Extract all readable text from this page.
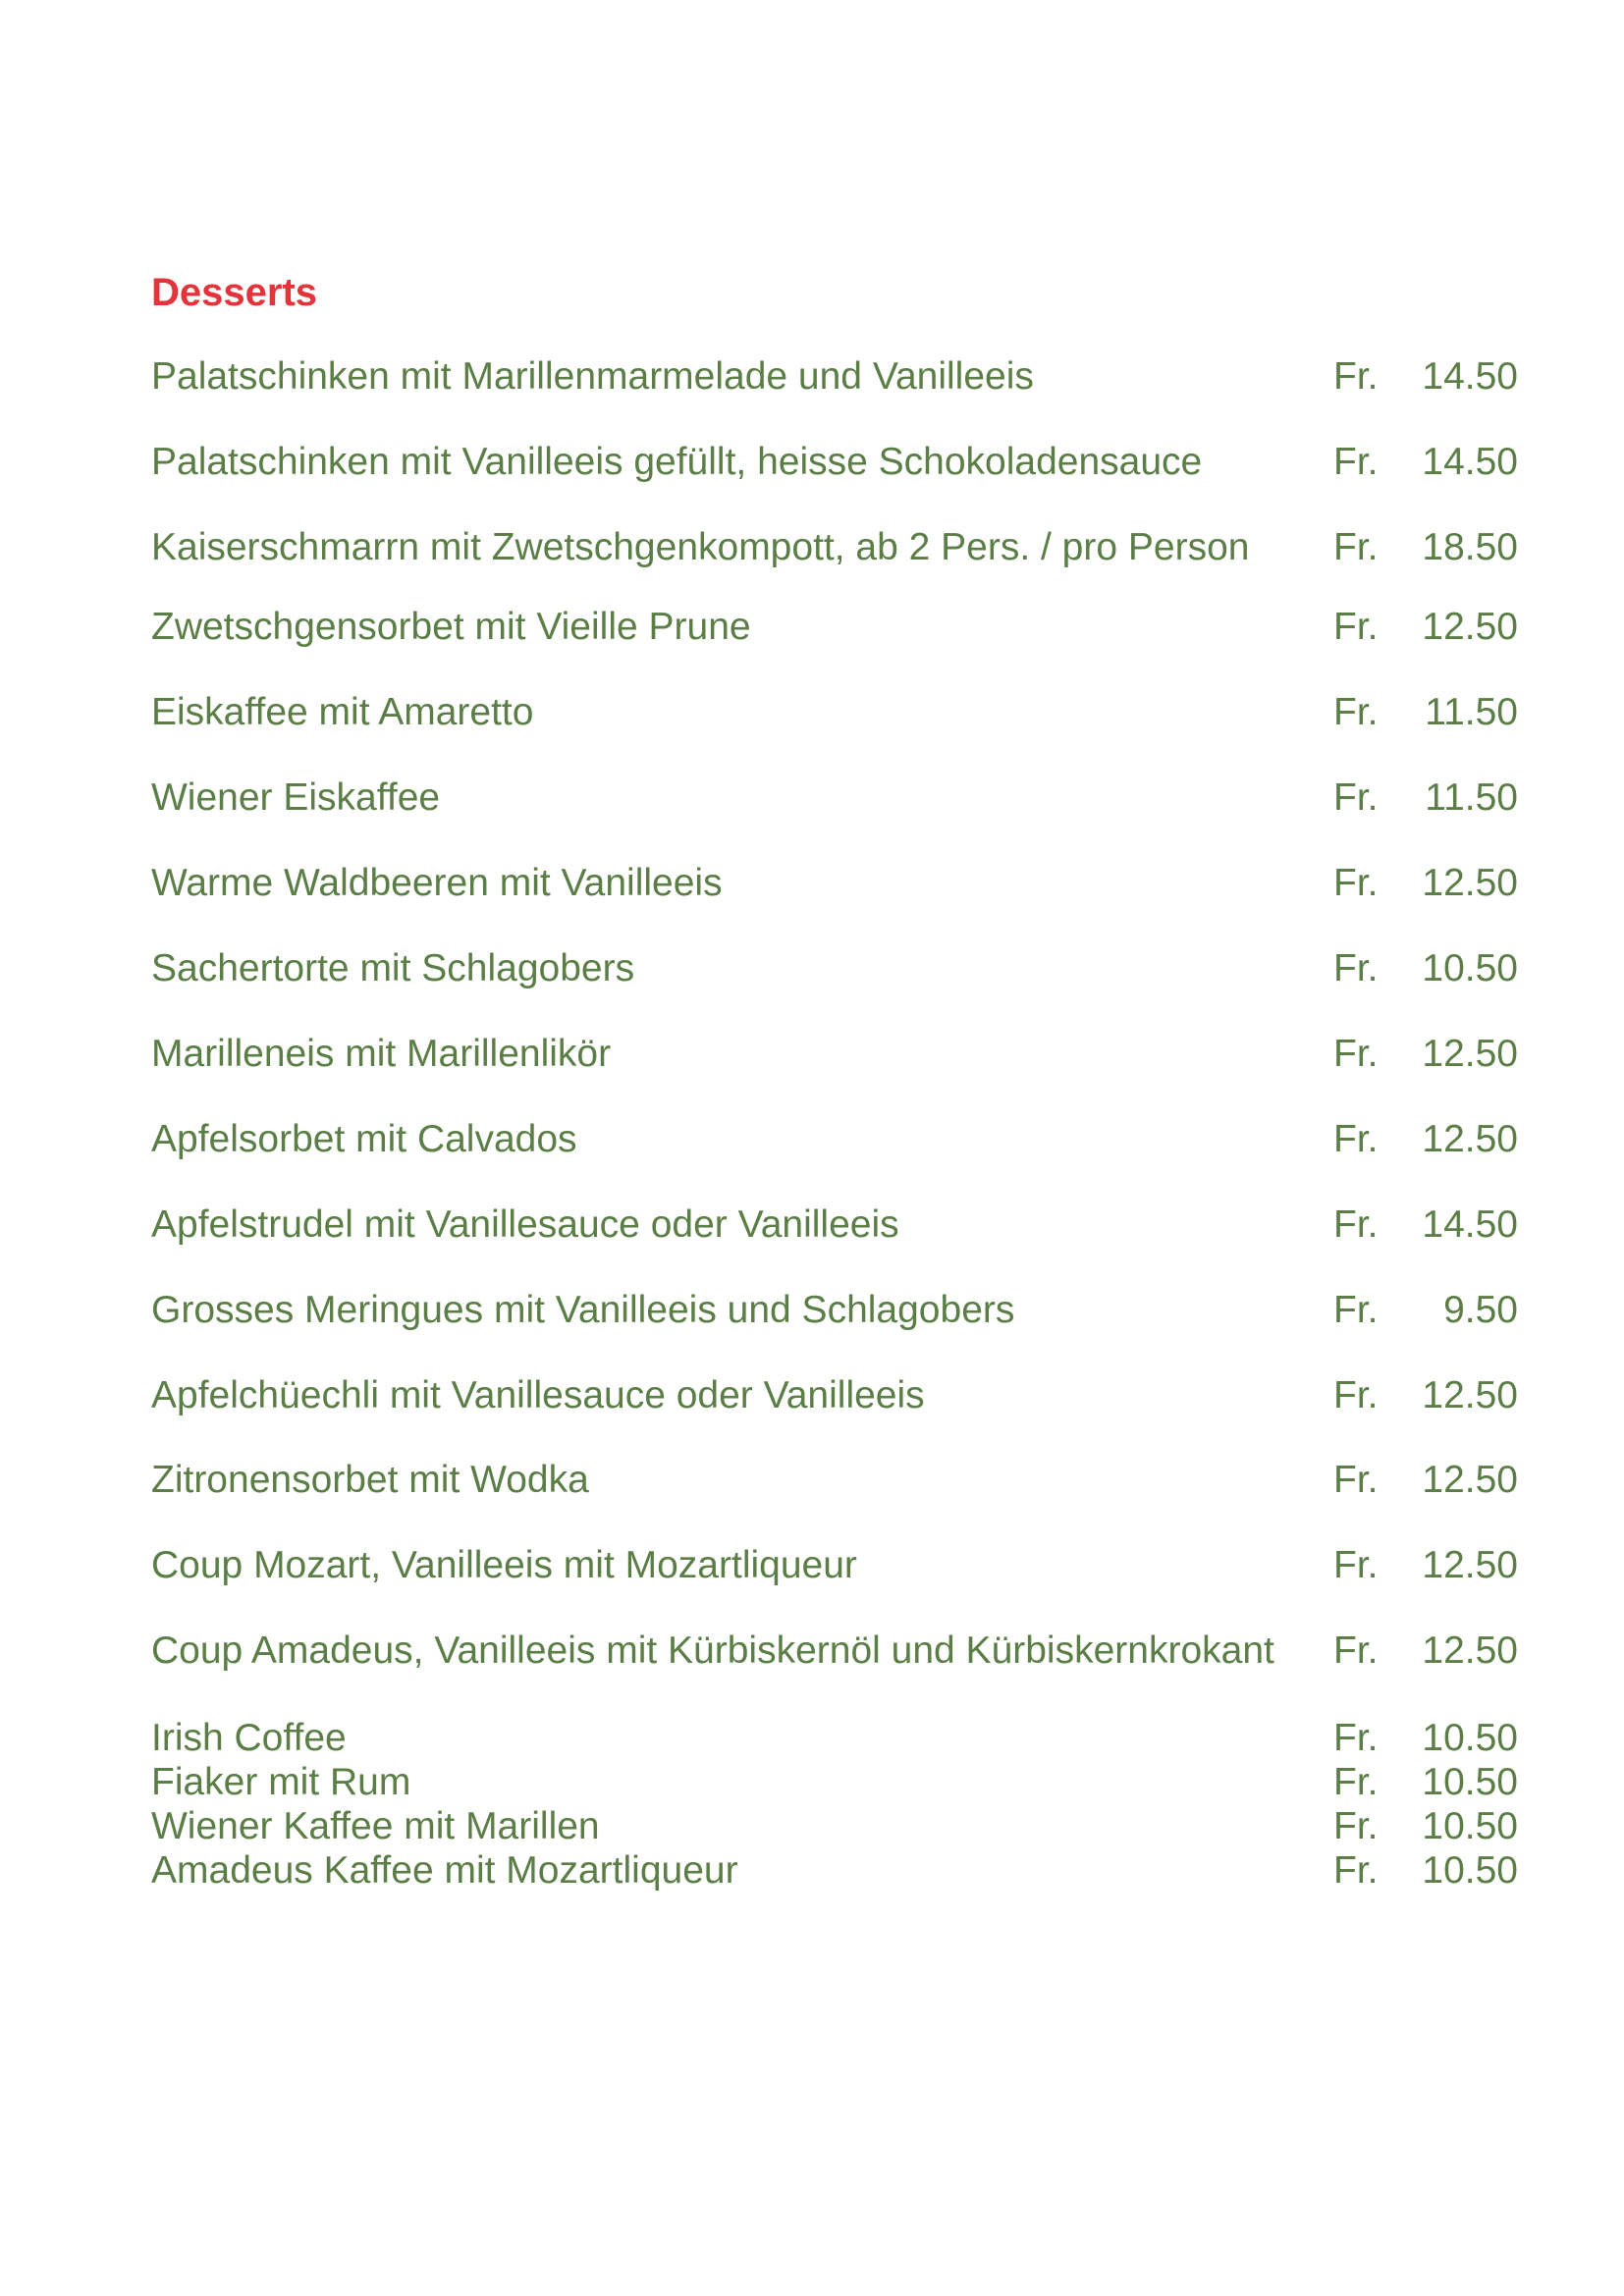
Desserts
Palatschinken mit Marillenmarmelade und Vanilleeis	Fr. 14.50
Palatschinken mit Vanilleeis gefüllt, heisse Schokoladensauce	Fr. 14.50
Kaiserschmarrn mit Zwetschgenkompott, ab 2 Pers. / pro Person Fr. 18.50
Zwetschgensorbet mit Vieille Prune	Fr. 12.50
Eiskaffee mit Amaretto	Fr. 11.50
Wiener Eiskaffee	Fr. 11.50
Warme Waldbeeren mit Vanilleeis	Fr. 12.50
Sachertorte mit Schlagobers	Fr. 10.50
Marilleneis mit Marillenlikör	Fr. 12.50
Apfelsorbet mit Calvados	Fr. 12.50
Apfelstrudel mit Vanillesauce oder Vanilleeis	Fr. 14.50
Grosses Meringues mit Vanilleeis und Schlagobers	Fr. 9.50
Apfelchüechli mit Vanillesauce oder Vanilleeis	Fr. 12.50
Zitronensorbet mit Wodka	Fr. 12.50
Coup Mozart, Vanilleeis mit Mozartliqueur	Fr. 12.50
Coup Amadeus, Vanilleeis mit Kürbiskernöl und Kürbiskernkrokant Fr. 12.50
Irish Coffee	Fr. 10.50
Fiaker mit Rum	Fr. 10.50
Wiener Kaffee mit Marillen	Fr. 10.50
Amadeus Kaffee mit Mozartliqueur	Fr. 10.50
